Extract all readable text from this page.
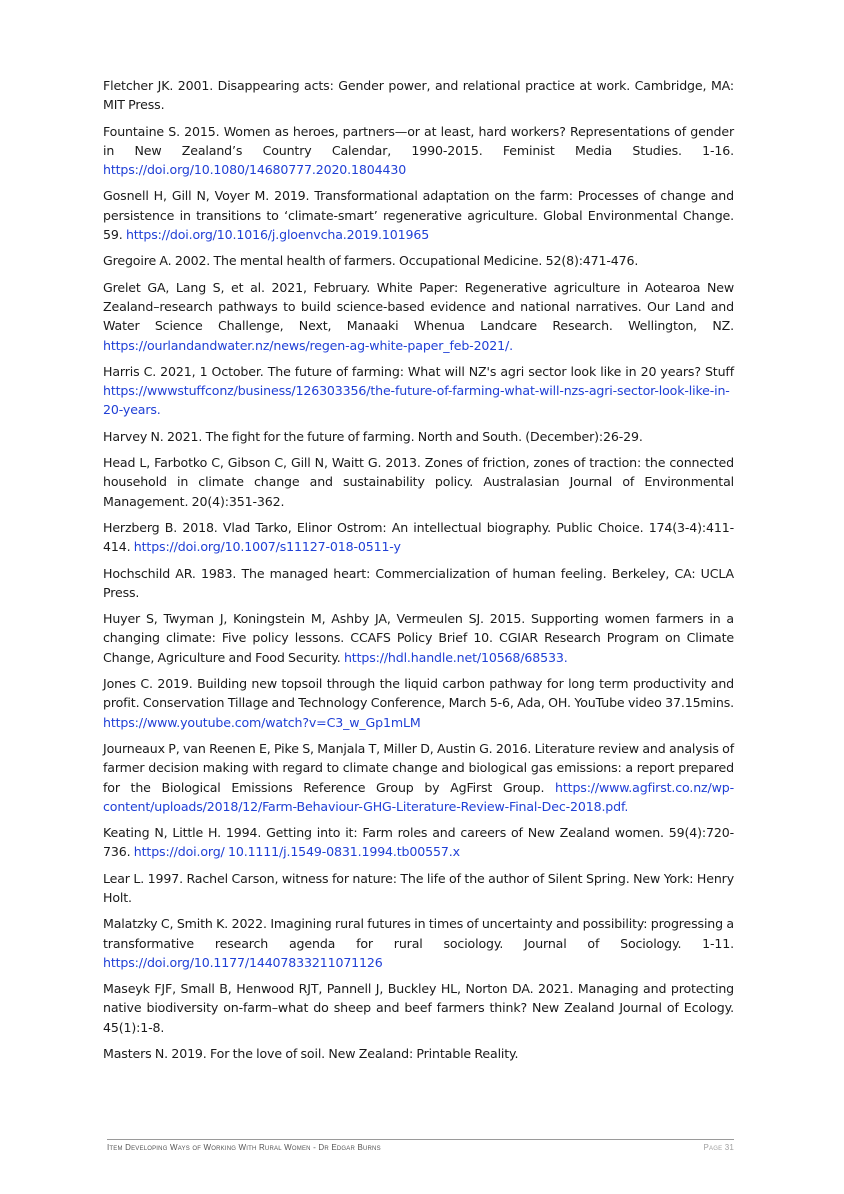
Fletcher JK. 2001. Disappearing acts: Gender power, and relational practice at work. Cambridge, MA: MIT Press.

Fountaine S. 2015. Women as heroes, partners—or at least, hard workers? Representations of gender in New Zealand’s Country Calendar, 1990-2015. Feminist Media Studies. 1-16. https://doi.org/10.1080/14680777.2020.1804430

Gosnell H, Gill N, Voyer M. 2019. Transformational adaptation on the farm: Processes of change and persistence in transitions to ‘climate-smart’ regenerative agriculture. Global Environmental Change. 59. https://doi.org/10.1016/j.gloenvcha.2019.101965

Gregoire A. 2002. The mental health of farmers. Occupational Medicine. 52(8):471-476.

Grelet GA, Lang S, et al. 2021, February. White Paper: Regenerative agriculture in Aotearoa New Zealand–research pathways to build science-based evidence and national narratives. Our Land and Water Science Challenge, Next, Manaaki Whenua Landcare Research. Wellington, NZ. https://ourlandandwater.nz/news/regen-ag-white-paper_feb-2021/.

Harris C. 2021, 1 October. The future of farming: What will NZ's agri sector look like in 20 years? Stuff https://wwwstuffconz/business/126303356/the-future-of-farming-what-will-nzs-agri-sector-look-like-in-20-years.

Harvey N. 2021. The fight for the future of farming. North and South. (December):26-29.

Head L, Farbotko C, Gibson C, Gill N, Waitt G. 2013. Zones of friction, zones of traction: the connected household in climate change and sustainability policy. Australasian Journal of Environmental Management. 20(4):351-362.

Herzberg B. 2018. Vlad Tarko, Elinor Ostrom: An intellectual biography. Public Choice. 174(3-4):411-414. https://doi.org/10.1007/s11127-018-0511-y

Hochschild AR. 1983. The managed heart: Commercialization of human feeling. Berkeley, CA: UCLA Press.

Huyer S, Twyman J, Koningstein M, Ashby JA, Vermeulen SJ. 2015. Supporting women farmers in a changing climate: Five policy lessons. CCAFS Policy Brief 10. CGIAR Research Program on Climate Change, Agriculture and Food Security. https://hdl.handle.net/10568/68533.

Jones C. 2019. Building new topsoil through the liquid carbon pathway for long term productivity and profit. Conservation Tillage and Technology Conference, March 5-6, Ada, OH. YouTube video 37.15mins. https://www.youtube.com/watch?v=C3_w_Gp1mLM

Journeaux P, van Reenen E, Pike S, Manjala T, Miller D, Austin G. 2016. Literature review and analysis of farmer decision making with regard to climate change and biological gas emissions: a report prepared for the Biological Emissions Reference Group by AgFirst Group. https://www.agfirst.co.nz/wp-content/uploads/2018/12/Farm-Behaviour-GHG-Literature-Review-Final-Dec-2018.pdf.

Keating N, Little H. 1994. Getting into it: Farm roles and careers of New Zealand women. 59(4):720-736. https://doi.org/ 10.1111/j.1549-0831.1994.tb00557.x

Lear L. 1997. Rachel Carson, witness for nature: The life of the author of Silent Spring. New York: Henry Holt.

Malatzky C, Smith K. 2022. Imagining rural futures in times of uncertainty and possibility: progressing a transformative research agenda for rural sociology. Journal of Sociology. 1-11. https://doi.org/10.1177/14407833211071126

Maseyk FJF, Small B, Henwood RJT, Pannell J, Buckley HL, Norton DA. 2021. Managing and protecting native biodiversity on-farm–what do sheep and beef farmers think? New Zealand Journal of Ecology. 45(1):1-8.

Masters N. 2019. For the love of soil. New Zealand: Printable Reality.

Item Developing Ways of Working With Rural Women - Dr Edgar Burns	Page 31
